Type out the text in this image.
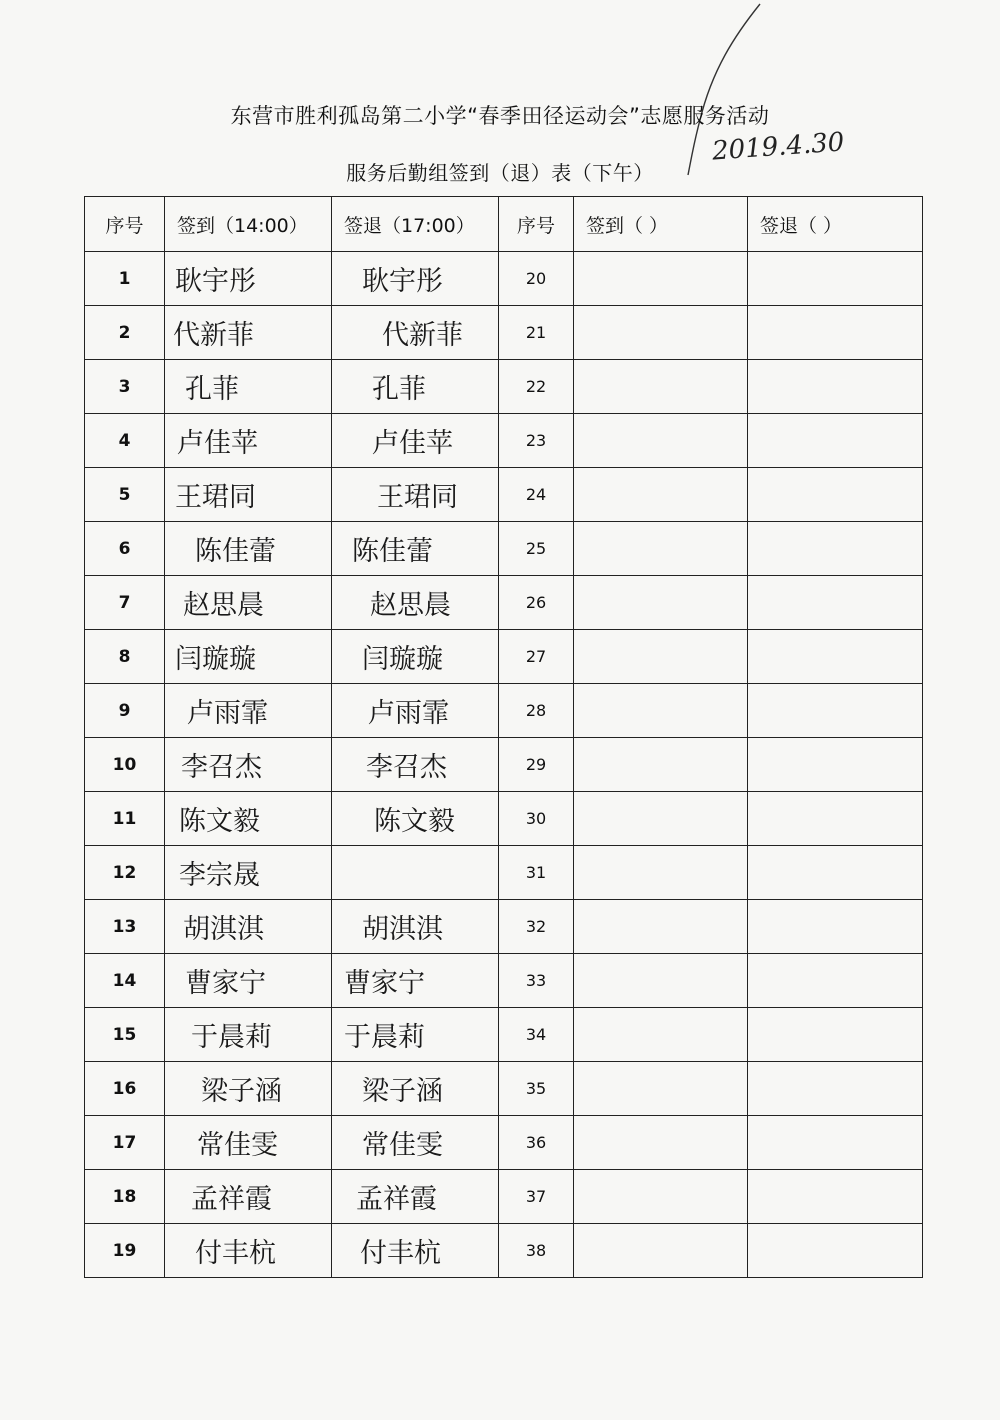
东营市胜利孤岛第二小学“春季田径运动会”志愿服务活动
服务后勤组签到（退）表（下午）
2019.4.30
序号	签到（14:00）	签退（17:00）	序号	签到（ ）	签退（ ）
1	耿宇彤	耿宇彤	20		
2	代新菲	代新菲	21		
3	孔菲	孔菲	22		
4	卢佳苹	卢佳苹	23		
5	王珺同	王珺同	24		
6	陈佳蕾	陈佳蕾	25		
7	赵思晨	赵思晨	26		
8	闫璇璇	闫璇璇	27		
9	卢雨霏	卢雨霏	28		
10	李召杰	李召杰	29		
11	陈文毅	陈文毅	30		
12	李宗晟		31		
13	胡淇淇	胡淇淇	32		
14	曹家宁	曹家宁	33		
15	于晨莉	于晨莉	34		
16	梁子涵	梁子涵	35		
17	常佳雯	常佳雯	36		
18	孟祥霞	孟祥霞	37		
19	付丰杭	付丰杭	38		
